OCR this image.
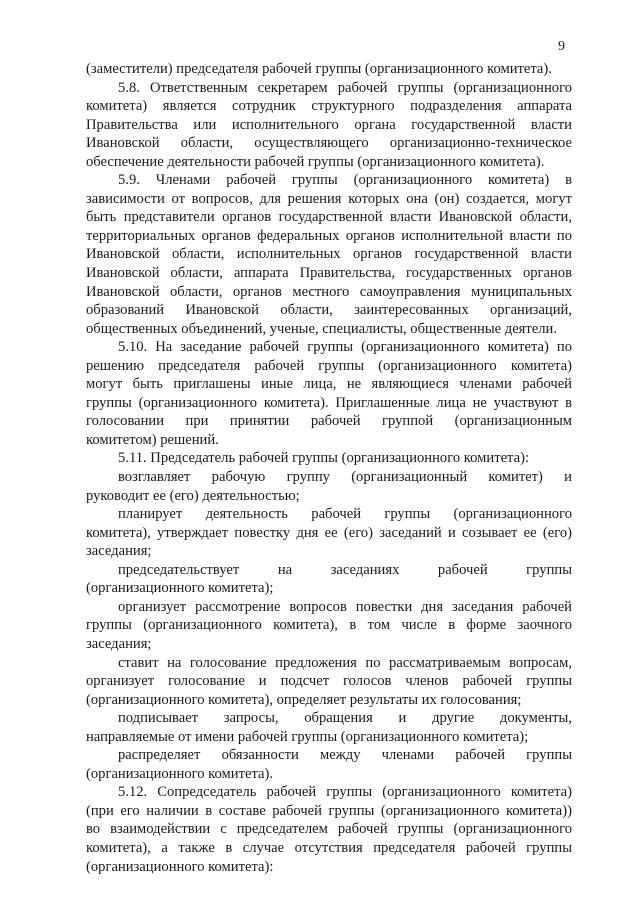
9
(заместители) председателя рабочей группы (организационного комитета).
5.8. Ответственным секретарем рабочей группы (организационного
комитета) является сотрудник структурного подразделения аппарата
Правительства или исполнительного органа государственной власти
Ивановской области, осуществляющего организационно-техническое
обеспечение деятельности рабочей группы (организационного комитета).
5.9. Членами рабочей группы (организационного комитета) в
зависимости от вопросов, для решения которых она (он) создается, могут
быть представители органов государственной власти Ивановской области,
территориальных органов федеральных органов исполнительной власти по
Ивановской области, исполнительных органов государственной власти
Ивановской области, аппарата Правительства, государственных органов
Ивановской области, органов местного самоуправления муниципальных
образований Ивановской области, заинтересованных организаций,
общественных объединений, ученые, специалисты, общественные деятели.
5.10. На заседание рабочей группы (организационного комитета) по
решению председателя рабочей группы (организационного комитета)
могут быть приглашены иные лица, не являющиеся членами рабочей
группы (организационного комитета). Приглашенные лица не участвуют в
голосовании при принятии рабочей группой (организационным
комитетом) решений.
5.11. Председатель рабочей группы (организационного комитета):
возглавляет рабочую группу (организационный комитет) и
руководит ее (его) деятельностью;
планирует деятельность рабочей группы (организационного
комитета), утверждает повестку дня ее (его) заседаний и созывает ее (его)
заседания;
председательствует на заседаниях рабочей группы
(организационного комитета);
организует рассмотрение вопросов повестки дня заседания рабочей
группы (организационного комитета), в том числе в форме заочного
заседания;
ставит на голосование предложения по рассматриваемым вопросам,
организует голосование и подсчет голосов членов рабочей группы
(организационного комитета), определяет результаты их голосования;
подписывает запросы, обращения и другие документы,
направляемые от имени рабочей группы (организационного комитета);
распределяет обязанности между членами рабочей группы
(организационного комитета).
5.12. Сопредседатель рабочей группы (организационного комитета)
(при его наличии в составе рабочей группы (организационного комитета))
во взаимодействии с председателем рабочей группы (организационного
комитета), а также в случае отсутствия председателя рабочей группы
(организационного комитета):
